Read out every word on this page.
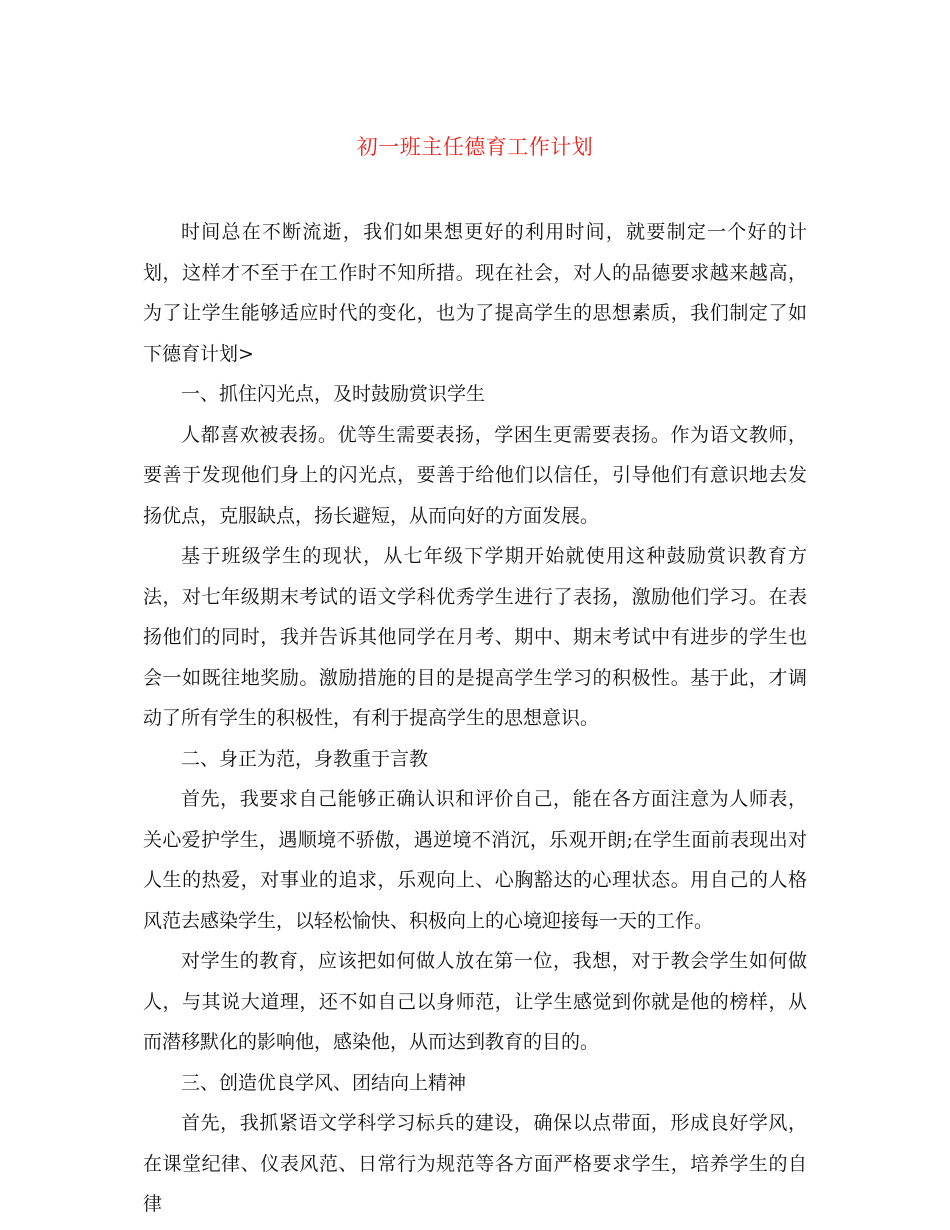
初一班主任德育工作计划

时间总在不断流逝，我们如果想更好的利用时间，就要制定一个好的计划，这样才不至于在工作时不知所措。现在社会，对人的品德要求越来越高，为了让学生能够适应时代的变化，也为了提高学生的思想素质，我们制定了如下德育计划>

一、抓住闪光点，及时鼓励赏识学生

人都喜欢被表扬。优等生需要表扬，学困生更需要表扬。作为语文教师，要善于发现他们身上的闪光点，要善于给他们以信任，引导他们有意识地去发扬优点，克服缺点，扬长避短，从而向好的方面发展。

基于班级学生的现状，从七年级下学期开始就使用这种鼓励赏识教育方法，对七年级期末考试的语文学科优秀学生进行了表扬，激励他们学习。在表扬他们的同时，我并告诉其他同学在月考、期中、期末考试中有进步的学生也会一如既往地奖励。激励措施的目的是提高学生学习的积极性。基于此，才调动了所有学生的积极性，有利于提高学生的思想意识。

二、身正为范，身教重于言教

首先，我要求自己能够正确认识和评价自己，能在各方面注意为人师表，关心爱护学生，遇顺境不骄傲，遇逆境不消沉，乐观开朗;在学生面前表现出对人生的热爱，对事业的追求，乐观向上、心胸豁达的心理状态。用自己的人格风范去感染学生，以轻松愉快、积极向上的心境迎接每一天的工作。

对学生的教育，应该把如何做人放在第一位，我想，对于教会学生如何做人，与其说大道理，还不如自己以身师范，让学生感觉到你就是他的榜样，从而潜移默化的影响他，感染他，从而达到教育的目的。

三、创造优良学风、团结向上精神

首先，我抓紧语文学科学习标兵的建设，确保以点带面，形成良好学风，在课堂纪律、仪表风范、日常行为规范等各方面严格要求学生，培养学生的自律
